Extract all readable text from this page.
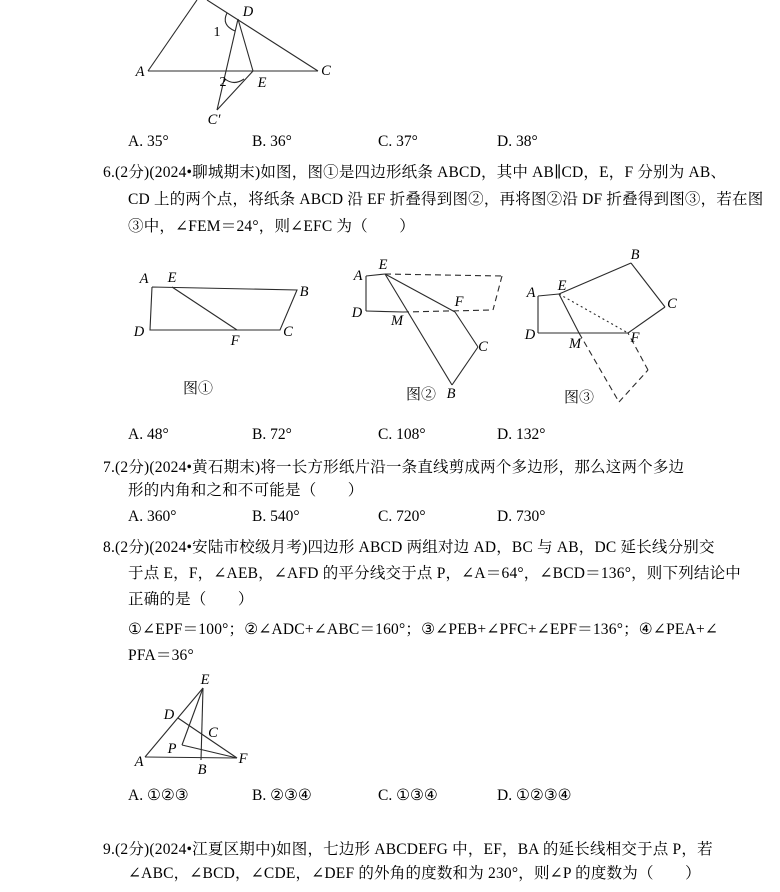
A
D
C
E
C′
1
2
A. 35°	B. 36°	C. 37°	D. 38°
6.(2分)(2024•聊城期末)如图，图①是四边形纸条 ABCD，其中 AB∥CD，E，F 分别为 AB、
CD 上的两个点，将纸条 ABCD 沿 EF 折叠得到图②，再将图②沿 DF 折叠得到图③，若在图
③中，∠FEM＝24°，则∠EFC 为（　　）
A E
B
D	C
F
图①
A
E
D M
F
C
B
图②
B
A E
C
D
M	F
图③
A. 48°	B. 72°	C. 108°	D. 132°
7.(2分)(2024•黄石期末)将一长方形纸片沿一条直线剪成两个多边形，那么这两个多边
形的内角和之和不可能是（　　）
A. 360°	B. 540°	C. 720°	D. 730°
8.(2分)(2024•安陆市校级月考)四边形 ABCD 两组对边 AD，BC 与 AB，DC 延长线分别交
于点 E，F，∠AEB，∠AFD 的平分线交于点 P，∠A＝64°，∠BCD＝136°，则下列结论中
正确的是（　　）
①∠EPF＝100°；②∠ADC+∠ABC＝160°；③∠PEB+∠PFC+∠EPF＝136°；④∠PEA+∠
PFA＝36°
E
D
C
P
A	B
F
A. ①②③	B. ②③④	C. ①③④	D. ①②③④
9.(2分)(2024•江夏区期中)如图，七边形 ABCDEFG 中，EF，BA 的延长线相交于点 P，若
∠ABC，∠BCD，∠CDE，∠DEF 的外角的度数和为 230°，则∠P 的度数为（　　）
